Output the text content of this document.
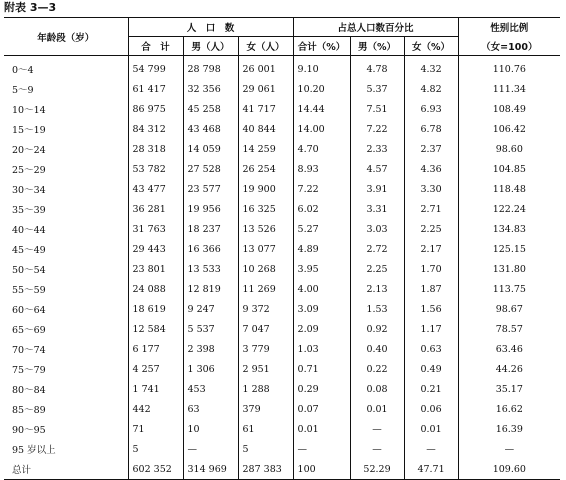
附表 3—3
年龄段（岁）	人　口　数			占总人口数百分比			性别比例
	合　计	男（人）	女（人）	合计（%）	男（%）	女（%）	（女=100）

0～4	54 799	28 798	26 001	9.10	4.78	4.32	110.76
5～9	61 417	32 356	29 061	10.20	5.37	4.82	111.34
10～14	86 975	45 258	41 717	14.44	7.51	6.93	108.49
15～19	84 312	43 468	40 844	14.00	7.22	6.78	106.42
20～24	28 318	14 059	14 259	4.70	2.33	2.37	98.60
25～29	53 782	27 528	26 254	8.93	4.57	4.36	104.85
30～34	43 477	23 577	19 900	7.22	3.91	3.30	118.48
35～39	36 281	19 956	16 325	6.02	3.31	2.71	122.24
40～44	31 763	18 237	13 526	5.27	3.03	2.25	134.83
45～49	29 443	16 366	13 077	4.89	2.72	2.17	125.15
50～54	23 801	13 533	10 268	3.95	2.25	1.70	131.80
55～59	24 088	12 819	11 269	4.00	2.13	1.87	113.75
60～64	18 619	9 247	9 372	3.09	1.53	1.56	98.67
65～69	12 584	5 537	7 047	2.09	0.92	1.17	78.57
70～74	6 177	2 398	3 779	1.03	0.40	0.63	63.46
75～79	4 257	1 306	2 951	0.71	0.22	0.49	44.26
80～84	1 741	453	1 288	0.29	0.08	0.21	35.17
85～89	442	63	379	0.07	0.01	0.06	16.62
90～95	71	10	61	0.01	—	0.01	16.39
95 岁以上	5	—	5	—	—	—	—
总计	602 352	314 969	287 383	100	52.29	47.71	109.60
